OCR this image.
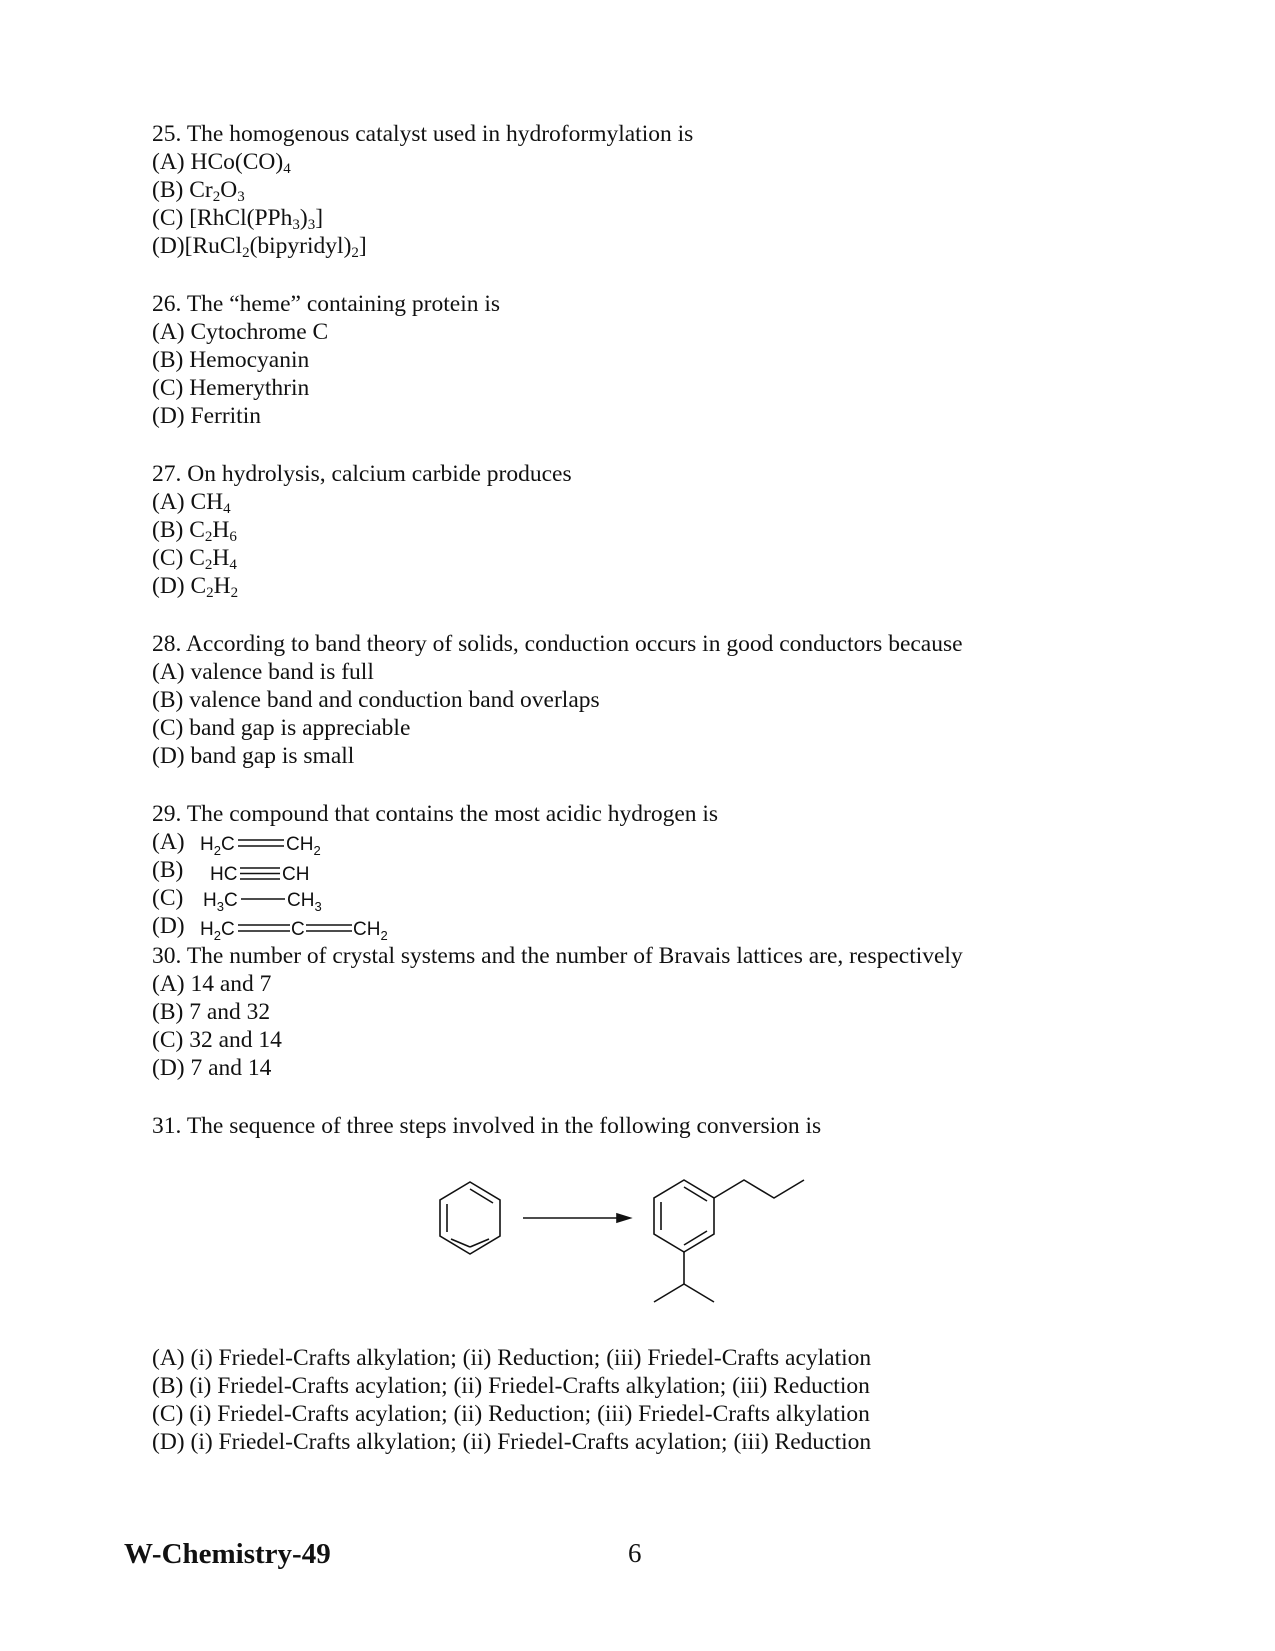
25. The homogenous catalyst used in hydroformylation is
(A) $HCo(CO)_4$
(B) $Cr_2O_3$
(C) $[RhCl(PPh_3)_3]$
$(D)[RuCl_2(bipyridyl)_2]$
26. The “heme” containing protein is
(A) Cytochrome C
(B) Hemocyanin
(C) Hemerythrin
(D) Ferritin
27. On hydrolysis, calcium carbide produces
(A) $CH_4$
(B) $C_2H_6$
(C) $C_2H_4$
(D) $C_2H_2$
28. According to band theory of solids, conduction occurs in good conductors because
(A) valence band is full
(B) valence band and conduction band overlaps
(C) band gap is appreciable
(D) band gap is small
29. The compound that contains the most acidic hydrogen is
(A) $H_2C$	$CH_2$
(B) HC CH
(C) $H_3C$	$CH_3$
(D) $H_2C$	C	$CH_2$
30. The number of crystal systems and the number of Bravais lattices are, respectively
(A) 14 and 7
(B) 7 and 32
(C) 32 and 14
(D) 7 and 14
31. The sequence of three steps involved in the following conversion is
(A) (i) Friedel-Crafts alkylation; (ii) Reduction; (iii) Friedel-Crafts acylation
(B) (i) Friedel-Crafts acylation; (ii) Friedel-Crafts alkylation; (iii) Reduction
(C) (i) Friedel-Crafts acylation; (ii) Reduction; (iii) Friedel-Crafts alkylation
(D) (i) Friedel-Crafts alkylation; (ii) Friedel-Crafts acylation; (iii) Reduction
W-Chemistry-49	6
